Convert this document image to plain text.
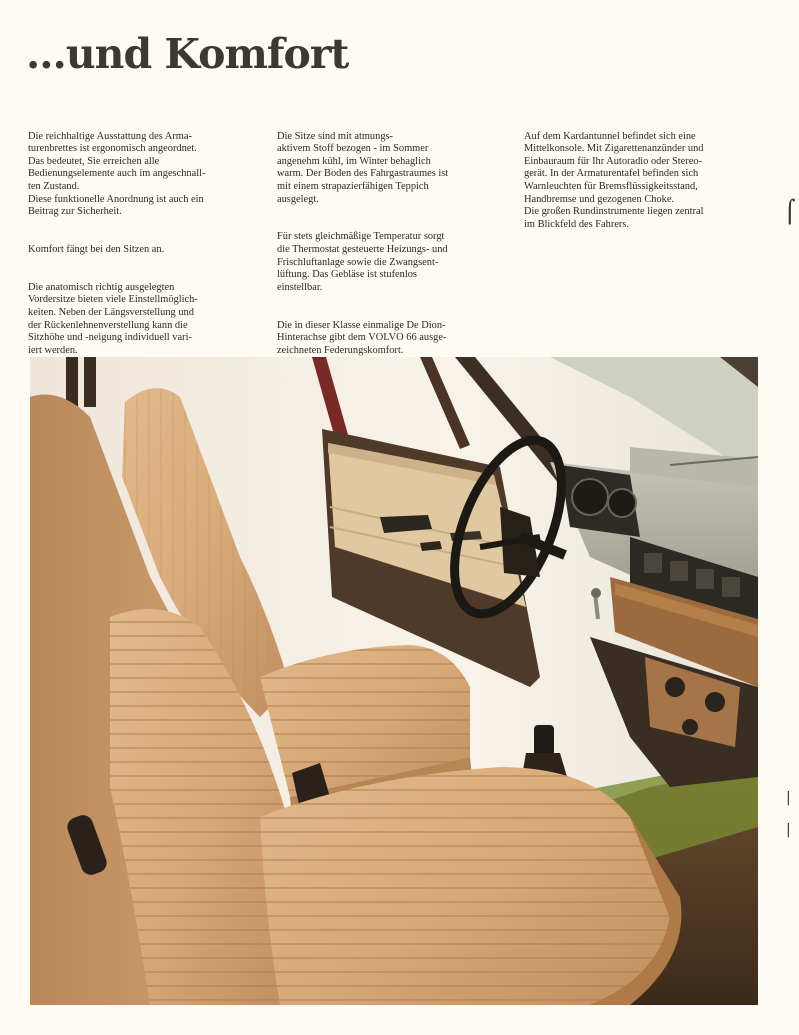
...und Komfort

Die reichhaltige Ausstattung des Arma-
turenbrettes ist ergonomisch angeordnet.
Das bedeutet, Sie erreichen alle
Bedienungselemente auch im angeschnall-
ten Zustand.
Diese funktionelle Anordnung ist auch ein
Beitrag zur Sicherheit.

Komfort fängt bei den Sitzen an.

Die anatomisch richtig ausgelegten
Vordersitze bieten viele Einstellmöglich-
keiten. Neben der Längsverstellung und
der Rückenlehnenverstellung kann die
Sitzhöhe und -neigung individuell vari-
iert werden.

Die Sitze sind mit atmungs-
aktivem Stoff bezogen - im Sommer
angenehm kühl, im Winter behaglich
warm. Der Boden des Fahrgastraumes ist
mit einem strapazierfähigen Teppich
ausgelegt.

Für stets gleichmäßige Temperatur sorgt
die Thermostat gesteuerte Heizungs- und
Frischluftanlage sowie die Zwangsent-
lüftung. Das Gebläse ist stufenlos
einstellbar.

Die in dieser Klasse einmalige De Dion-
Hinterachse gibt dem VOLVO 66 ausge-
zeichneten Federungskomfort.

Auf dem Kardantunnel befindet sich eine
Mittelkonsole. Mit Zigarettenanzünder und
Einbauraum für Ihr Autoradio oder Stereo-
gerät. In der Armaturentafel befinden sich
Warnleuchten für Bremsflüssigkeitsstand,
Handbremse und gezogenen Choke.
Die großen Rundinstrumente liegen zentral
im Blickfeld des Fahrers.	⌠
|
|
